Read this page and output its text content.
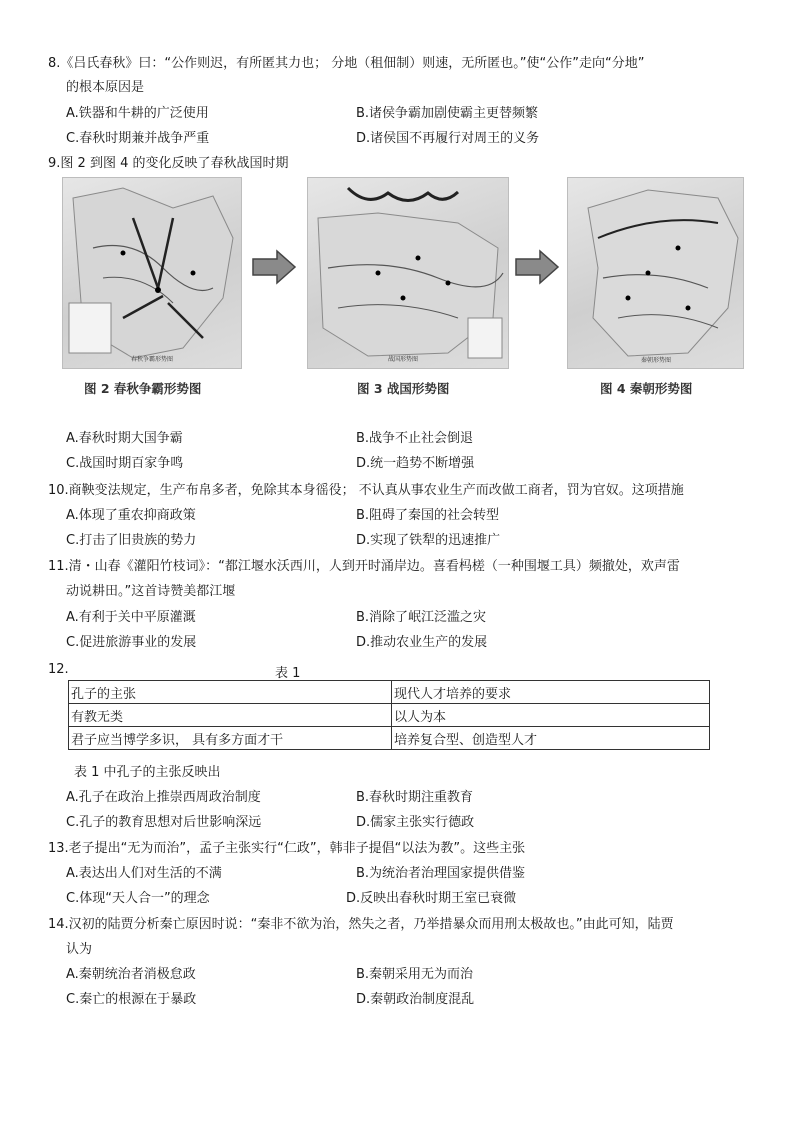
8.《吕氏春秋》曰：“公作则迟，有所匿其力也； 分地（租佃制）则速，无所匿也。”使“公作”走向“分地”
的根本原因是
A.铁器和牛耕的广泛使用	B.诸侯争霸加剧使霸主更替频繁
C.春秋时期兼并战争严重	D.诸侯国不再履行对周王的义务
9.图 2 到图 4 的变化反映了春秋战国时期
春秋争霸形势图	战国形势图	秦朝形势图
图 2 春秋争霸形势图	图 3 战国形势图	图 4 秦朝形势图
A.春秋时期大国争霸	B.战争不止社会倒退
C.战国时期百家争鸣	D.统一趋势不断增强
10.商鞅变法规定，生产布帛多者，免除其本身徭役； 不认真从事农业生产而改做工商者，罚为官奴。这项措施
A.体现了重农抑商政策	B.阻碍了秦国的社会转型
C.打击了旧贵族的势力	D.实现了铁犁的迅速推广
11.清・山春《灌阳竹枝词》：“都江堰水沃西川，人到开时涌岸边。喜看杩槎（一种围堰工具）频撤处，欢声雷
动说耕田。”这首诗赞美都江堰
A.有利于关中平原灌溉	B.消除了岷江泛滥之灾
C.促进旅游事业的发展	D.推动农业生产的发展
12.	表 1
孔子的主张	现代人才培养的要求
有教无类	以人为本
君子应当博学多识， 具有多方面才干	培养复合型、创造型人才
表 1 中孔子的主张反映出
A.孔子在政治上推崇西周政治制度	B.春秋时期注重教育
C.孔子的教育思想对后世影响深远	D.儒家主张实行德政
13.老子提出“无为而治”，孟子主张实行“仁政”，韩非子提倡“以法为教”。这些主张
A.表达出人们对生活的不满	B.为统治者治理国家提供借鉴
C.体现“天人合一”的理念	D.反映出春秋时期王室已衰微
14.汉初的陆贾分析秦亡原因时说：“秦非不欲为治，然失之者，乃举措暴众而用刑太极故也。”由此可知，陆贾
认为
A.秦朝统治者消极怠政	B.秦朝采用无为而治
C.秦亡的根源在于暴政	D.秦朝政治制度混乱
